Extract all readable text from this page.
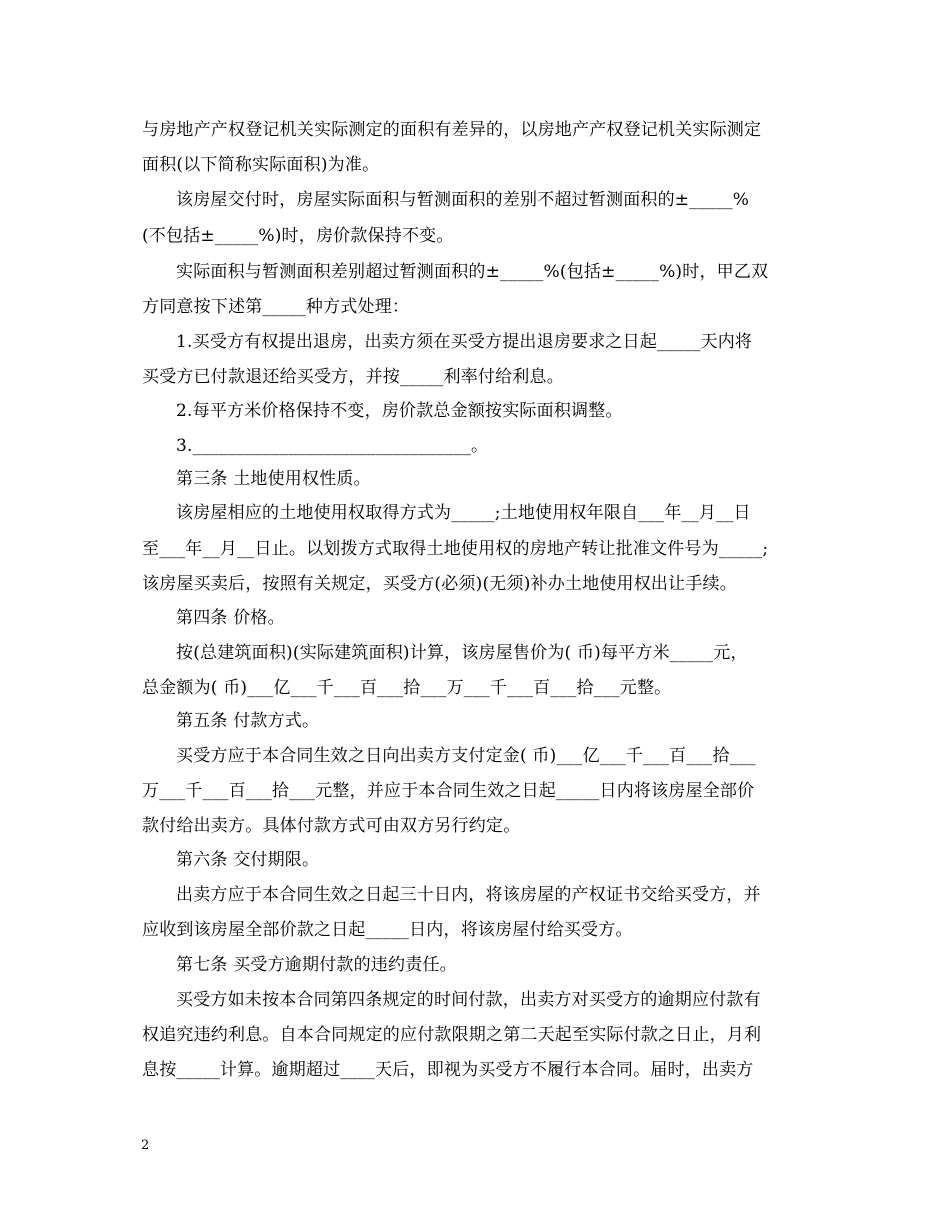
与房地产产权登记机关实际测定的面积有差异的，以房地产产权登记机关实际测定
面积(以下简称实际面积)为准。
该房屋交付时，房屋实际面积与暂测面积的差别不超过暂测面积的±_____%
(不包括±_____%)时，房价款保持不变。
实际面积与暂测面积差别超过暂测面积的±_____%(包括±_____%)时，甲乙双
方同意按下述第_____种方式处理：
1.买受方有权提出退房，出卖方须在买受方提出退房要求之日起_____天内将
买受方已付款退还给买受方，并按_____利率付给利息。
2.每平方米价格保持不变，房价款总金额按实际面积调整。
3.________________________________。
第三条 土地使用权性质。
该房屋相应的土地使用权取得方式为_____;土地使用权年限自___年__月__日
至___年__月__日止。以划拨方式取得土地使用权的房地产转让批准文件号为_____;
该房屋买卖后，按照有关规定，买受方(必须)(无须)补办土地使用权出让手续。
第四条 价格。
按(总建筑面积)(实际建筑面积)计算，该房屋售价为( 币)每平方米_____元，
总金额为( 币)___亿___千___百___拾___万___千___百___拾___元整。
第五条 付款方式。
买受方应于本合同生效之日向出卖方支付定金( 币)___亿___千___百___拾___
万___千___百___拾___元整，并应于本合同生效之日起_____日内将该房屋全部价
款付给出卖方。具体付款方式可由双方另行约定。
第六条 交付期限。
出卖方应于本合同生效之日起三十日内，将该房屋的产权证书交给买受方，并
应收到该房屋全部价款之日起_____日内，将该房屋付给买受方。
第七条 买受方逾期付款的违约责任。
买受方如未按本合同第四条规定的时间付款，出卖方对买受方的逾期应付款有
权追究违约利息。自本合同规定的应付款限期之第二天起至实际付款之日止，月利
息按_____计算。逾期超过____天后，即视为买受方不履行本合同。届时，出卖方
2
